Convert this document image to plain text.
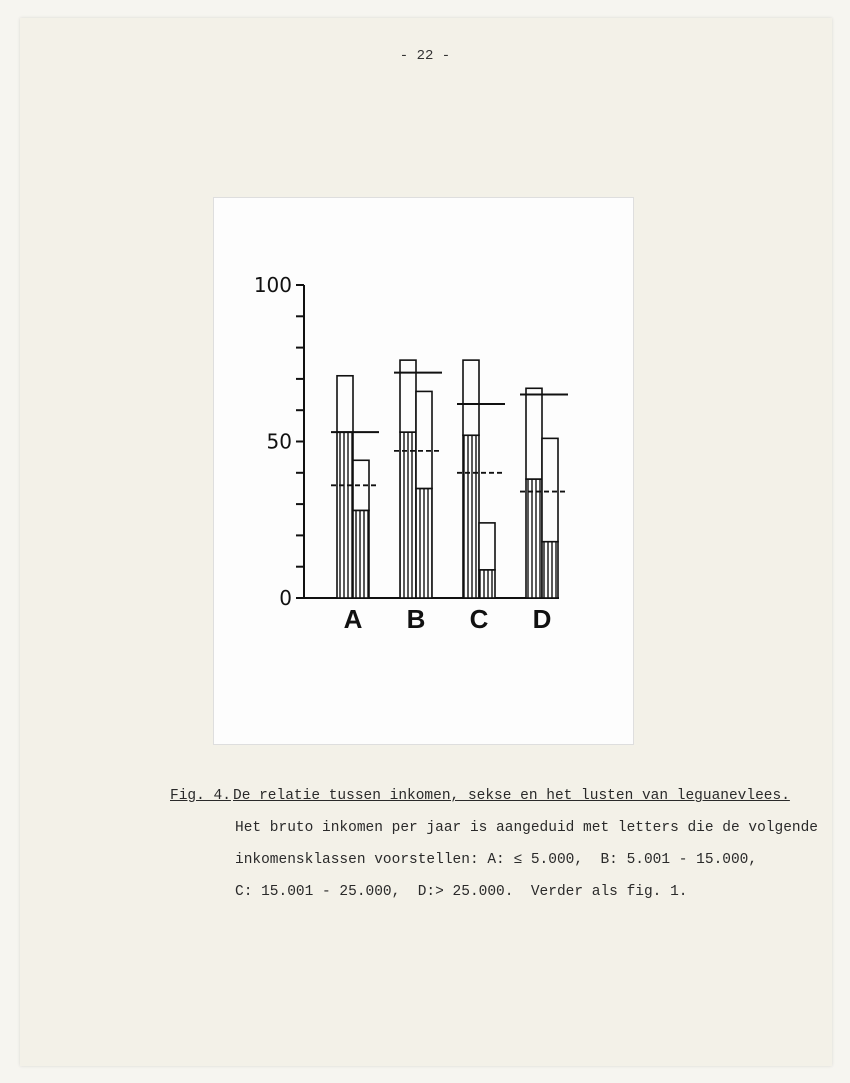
- 22 -
0
50
100
A B C D
Fig. 4. De relatie tussen inkomen, sekse en het lusten van leguanevlees.
Het bruto inkomen per jaar is aangeduid met letters die de volgende
inkomensklassen voorstellen: A: ≤ 5.000,  B: 5.001 - 15.000,
C: 15.001 - 25.000,  D:> 25.000.  Verder als fig. 1.
